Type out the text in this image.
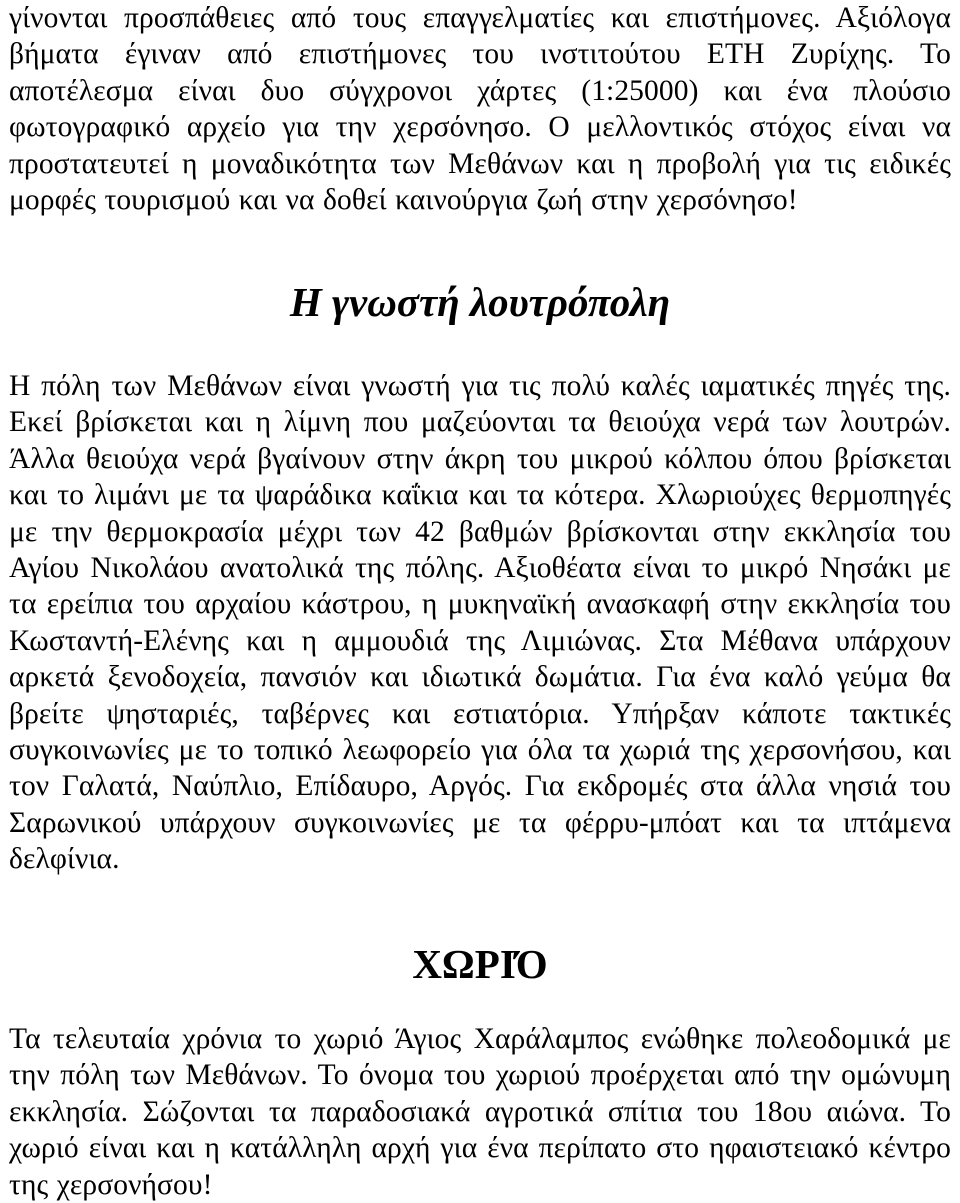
γίνονται προσπάθειες από τους επαγγελματίες και επιστήμονες. Αξιόλογα βήματα έγιναν από επιστήμονες του ινστιτούτου ΕΤΗ Ζυρίχης. Το αποτέλεσμα είναι δυο σύγχρονοι χάρτες (1:25000) και ένα πλούσιο φωτογραφικό αρχείο για την χερσόνησο. Ο μελλοντικός στόχος είναι να προστατευτεί η μοναδικότητα των Μεθάνων και η προβολή για τις ειδικές μορφές τουρισμού και να δοθεί καινούργια ζωή στην χερσόνησο!

Η γνωστή λουτρόπολη

Η πόλη των Μεθάνων είναι γνωστή για τις πολύ καλές ιαματικές πηγές της. Εκεί βρίσκεται και η λίμνη που μαζεύονται τα θειούχα νερά των λουτρών. Άλλα θειούχα νερά βγαίνουν στην άκρη του μικρού κόλπου όπου βρίσκεται και το λιμάνι με τα ψαράδικα καΐκια και τα κότερα. Χλωριούχες θερμοπηγές με την θερμοκρασία μέχρι των 42 βαθμών βρίσκονται στην εκκλησία του Αγίου Νικολάου ανατολικά της πόλης. Αξιοθέατα είναι το μικρό Νησάκι με τα ερείπια του αρχαίου κάστρου, η μυκηναϊκή ανασκαφή στην εκκλησία του Κωσταντή-Ελένης και η αμμουδιά της Λιμιώνας. Στα Μέθανα υπάρχουν αρκετά ξενοδοχεία, πανσιόν και ιδιωτικά δωμάτια. Για ένα καλό γεύμα θα βρείτε ψησταριές, ταβέρνες και εστιατόρια. Υπήρξαν κάποτε τακτικές συγκοινωνίες με το τοπικό λεωφορείο για όλα τα χωριά της χερσονήσου, και τον Γαλατά, Ναύπλιο, Επίδαυρο, Αργός. Για εκδρομές στα άλλα νησιά του Σαρωνικού υπάρχουν συγκοινωνίες με τα φέρρυ-μπόατ και τα ιπτάμενα δελφίνια.

ΧΩΡΙΌ

Τα τελευταία χρόνια το χωριό Άγιος Χαράλαμπος ενώθηκε πολεοδομικά με την πόλη των Μεθάνων. Το όνομα του χωριού προέρχεται από την ομώνυμη εκκλησία. Σώζονται τα παραδοσιακά αγροτικά σπίτια του 18ου αιώνα. Το χωριό είναι και η κατάλληλη αρχή για ένα περίπατο στο ηφαιστειακό κέντρο της χερσονήσου!
